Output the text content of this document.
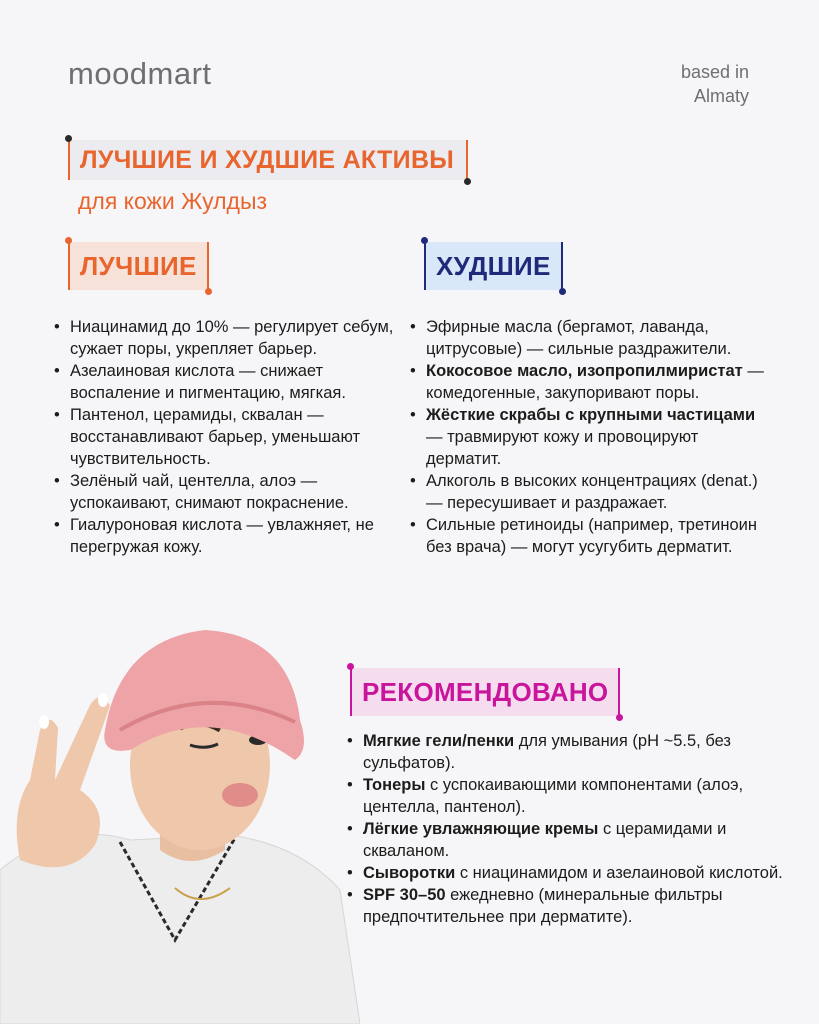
moodmart	based in
Almaty
ЛУЧШИЕ И ХУДШИЕ АКТИВЫ
для кожи Жулдыз
ЛУЧШИЕ	ХУДШИЕ
• Ниацинамид до 10% — регулирует себум, сужает поры, укрепляет барьер.
• Азелаиновая кислота — снижает воспаление и пигментацию, мягкая.
• Пантенол, церамиды, сквалан — восстанавливают барьер, уменьшают чувствительность.
• Зелёный чай, центелла, алоэ — успокаивают, снимают покраснение.
• Гиалуроновая кислота — увлажняет, не перегружая кожу.
• Эфирные масла (бергамот, лаванда, цитрусовые) — сильные раздражители.
• Кокосовое масло, изопропилмиристат — комедогенные, закупоривают поры.
• Жёсткие скрабы с крупными частицами — травмируют кожу и провоцируют дерматит.
• Алкоголь в высоких концентрациях (denat.) — пересушивает и раздражает.
• Сильные ретиноиды (например, третиноин без врача) — могут усугубить дерматит.
РЕКОМЕНДОВАНО
• Мягкие гели/пенки для умывания (pH ~5.5, без сульфатов).
• Тонеры с успокаивающими компонентами (алоэ, центелла, пантенол).
• Лёгкие увлажняющие кремы с церамидами и скваланом.
• Сыворотки с ниацинамидом и азелаиновой кислотой.
• SPF 30–50 ежедневно (минеральные фильтры предпочтительнее при дерматите).
